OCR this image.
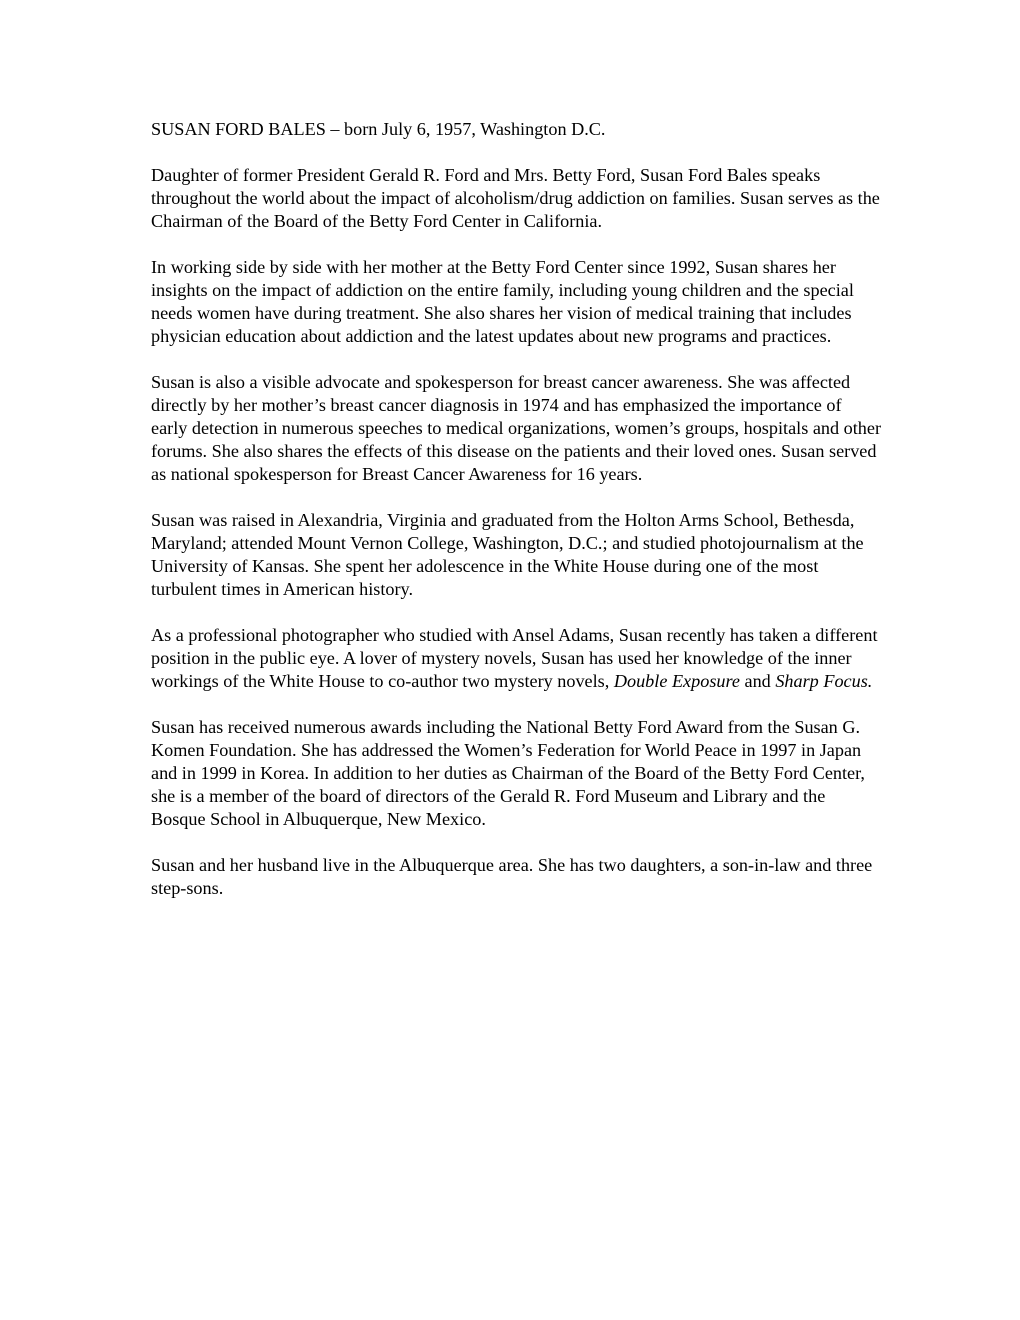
SUSAN FORD BALES – born July 6, 1957, Washington D.C.

Daughter of former President Gerald R. Ford and Mrs. Betty Ford, Susan Ford Bales speaks throughout the world about the impact of alcoholism/drug addiction on families. Susan serves as the Chairman of the Board of the Betty Ford Center in California.

In working side by side with her mother at the Betty Ford Center since 1992, Susan shares her insights on the impact of addiction on the entire family, including young children and the special needs women have during treatment. She also shares her vision of medical training that includes physician education about addiction and the latest updates about new programs and practices.

Susan is also a visible advocate and spokesperson for breast cancer awareness. She was affected directly by her mother’s breast cancer diagnosis in 1974 and has emphasized the importance of early detection in numerous speeches to medical organizations, women’s groups, hospitals and other forums. She also shares the effects of this disease on the patients and their loved ones. Susan served as national spokesperson for Breast Cancer Awareness for 16 years.

Susan was raised in Alexandria, Virginia and graduated from the Holton Arms School, Bethesda, Maryland; attended Mount Vernon College, Washington, D.C.; and studied photojournalism at the University of Kansas. She spent her adolescence in the White House during one of the most turbulent times in American history.

As a professional photographer who studied with Ansel Adams, Susan recently has taken a different position in the public eye. A lover of mystery novels, Susan has used her knowledge of the inner workings of the White House to co-author two mystery novels, Double Exposure and Sharp Focus.

Susan has received numerous awards including the National Betty Ford Award from the Susan G. Komen Foundation. She has addressed the Women’s Federation for World Peace in 1997 in Japan and in 1999 in Korea. In addition to her duties as Chairman of the Board of the Betty Ford Center, she is a member of the board of directors of the Gerald R. Ford Museum and Library and the Bosque School in Albuquerque, New Mexico.

Susan and her husband live in the Albuquerque area. She has two daughters, a son-in-law and three step-sons.
